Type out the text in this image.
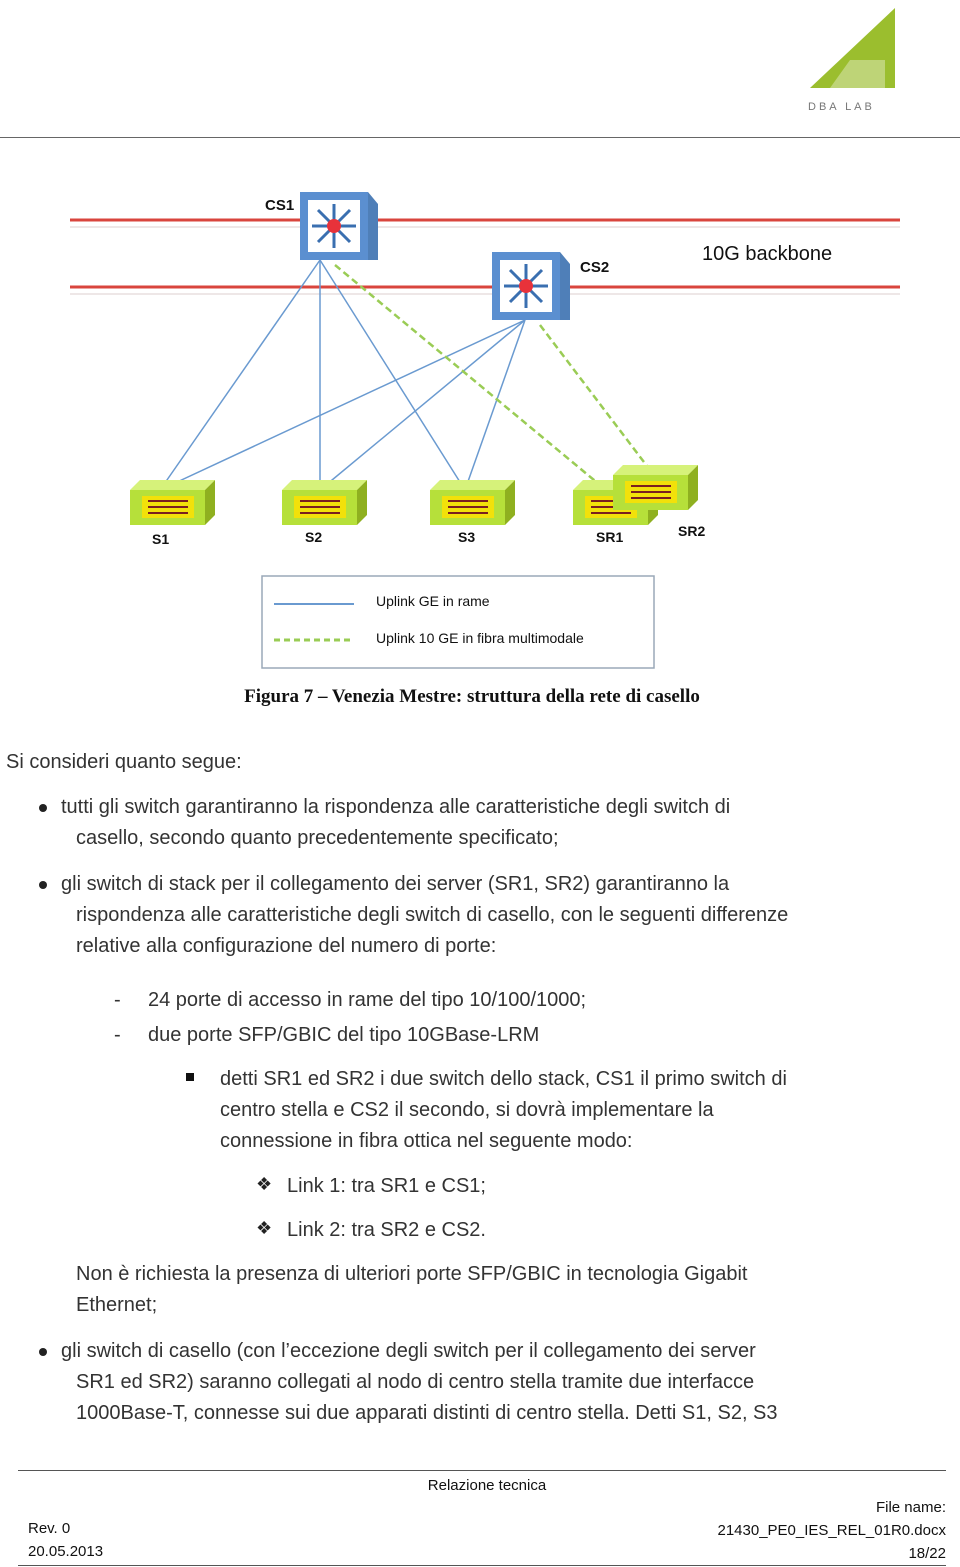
DBA LAB
CS1
CS2
10G backbone
S1	S2	S3	SR1	SR2
Uplink GE in rame
Uplink 10 GE in fibra multimodale
Figura 7 – Venezia Mestre: struttura della rete di casello
Si consideri quanto segue:
tutti gli switch garantiranno la rispondenza alle caratteristiche degli switch di
casello, secondo quanto precedentemente specificato;
gli switch di stack per il collegamento dei server (SR1, SR2) garantiranno la
rispondenza alle caratteristiche degli switch di casello, con le seguenti differenze
relative alla configurazione del numero di porte:
- 24 porte di accesso in rame del tipo 10/100/1000;
- due porte SFP/GBIC del tipo 10GBase-LRM
detti SR1 ed SR2 i due switch dello stack, CS1 il primo switch di
centro stella e CS2 il secondo, si dovrà implementare la
connessione in fibra ottica nel seguente modo:
❖ Link 1: tra SR1 e CS1;
❖ Link 2: tra SR2 e CS2.
Non è richiesta la presenza di ulteriori porte SFP/GBIC in tecnologia Gigabit
Ethernet;
gli switch di casello (con l’eccezione degli switch per il collegamento dei server
SR1 ed SR2) saranno collegati al nodo di centro stella tramite due interfacce
1000Base-T, connesse sui due apparati distinti di centro stella. Detti S1, S2, S3
Relazione tecnica
Rev. 0
20.05.2013
File name:
21430_PE0_IES_REL_01R0.docx
18/22
